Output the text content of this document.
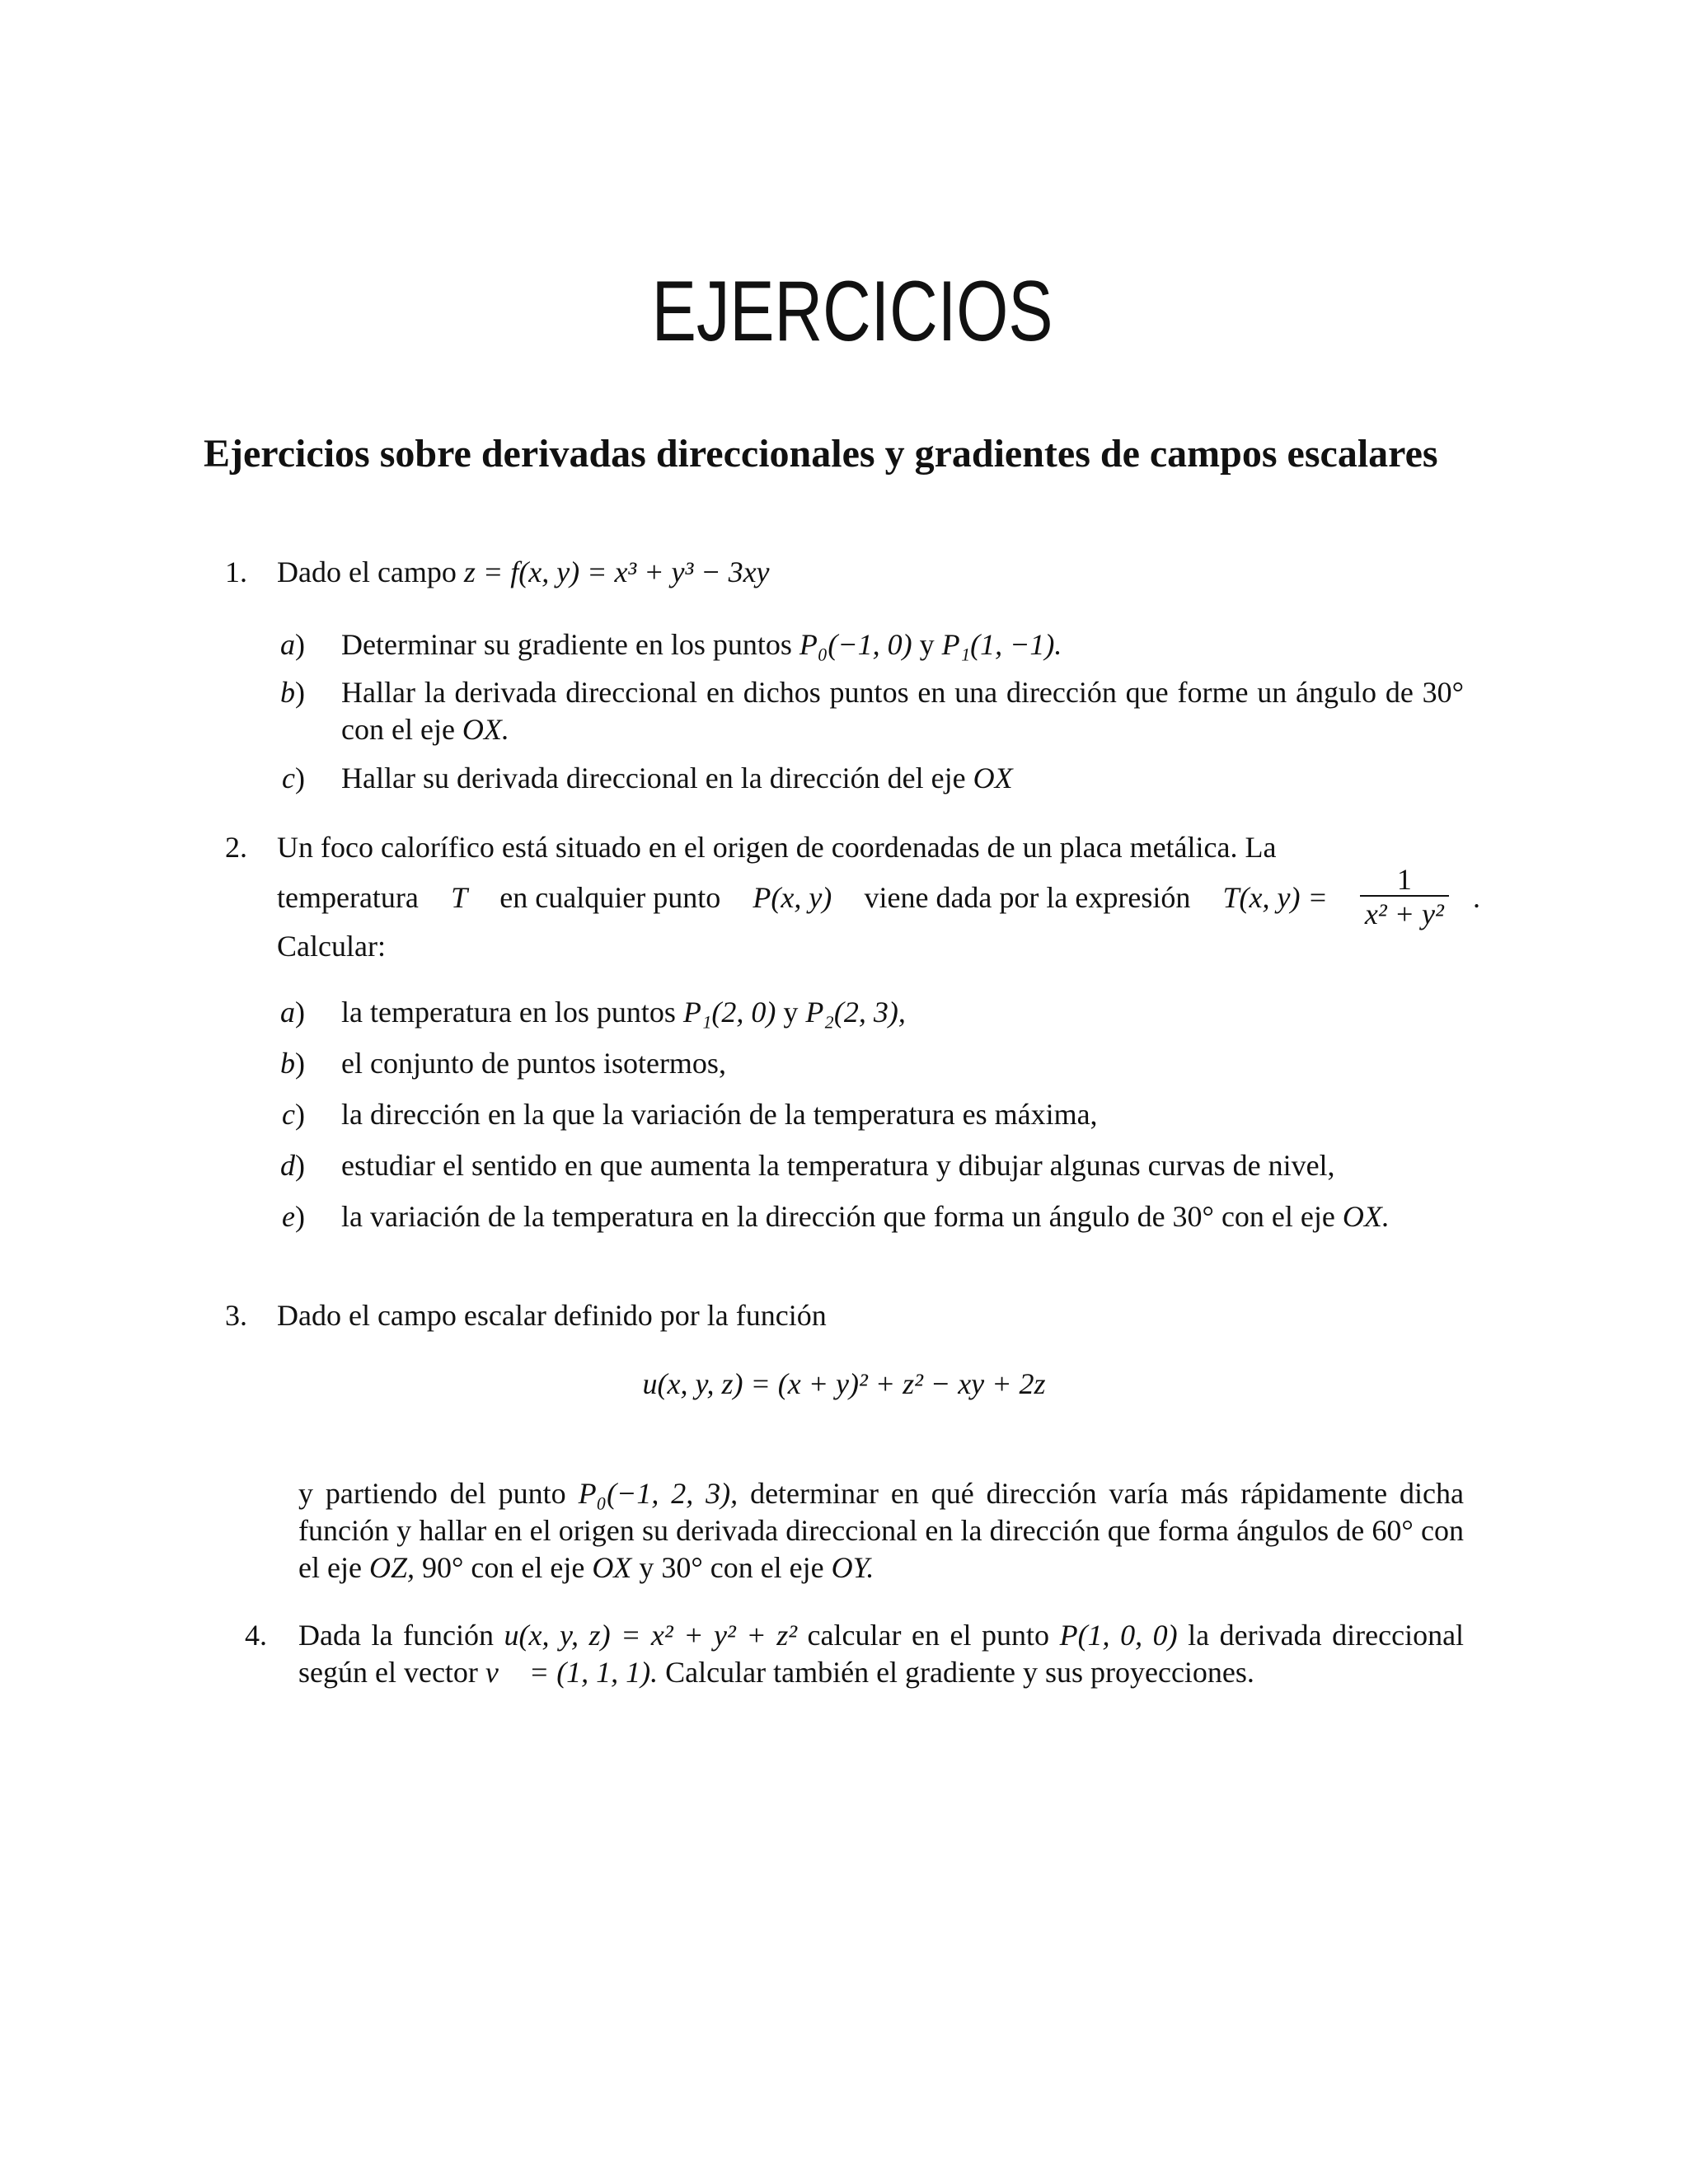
EJERCICIOS
Ejercicios sobre derivadas direccionales y gradientes de campos escalares
1. Dado el campo z = f(x, y) = x³ + y³ − 3xy
a) Determinar su gradiente en los puntos P₀(−1, 0) y P₁(1, −1).
b) Hallar la derivada direccional en dichos puntos en una dirección que forme un ángulo de 30° con el eje OX.
c) Hallar su derivada direccional en la dirección del eje OX
2. Un foco calorífico está situado en el origen de coordenadas de un placa metálica. La
temperatura T en cualquier punto P(x, y) viene dada por la expresión T(x, $y) = \frac{1}{\text{x² + y²}}$ .
Calcular:
a) la temperatura en los puntos P₁(2, 0) y P₂(2, 3),
b) el conjunto de puntos isotermos,
c) la dirección en la que la variación de la temperatura es máxima,
d) estudiar el sentido en que aumenta la temperatura y dibujar algunas curvas de nivel,
e) la variación de la temperatura en la dirección que forma un ángulo de 30° con el eje OX.
3. Dado el campo escalar definido por la función
u(x, y, z) = (x + y)² + z² − xy + 2z
y partiendo del punto P₀(−1, 2, 3), determinar en qué dirección varía más rápidamente dicha función y hallar en el origen su derivada direccional en la dirección que forma ángulos de 60° con el eje OZ, 90° con el eje OX y 30° con el eje OY.
4. Dada la función u(x, y, z) = x² + y² + z² calcular en el punto P(1, 0, 0) la derivada direccional según el vector v⃗ = (1, 1, 1). Calcular también el gradiente y sus proyecciones.
